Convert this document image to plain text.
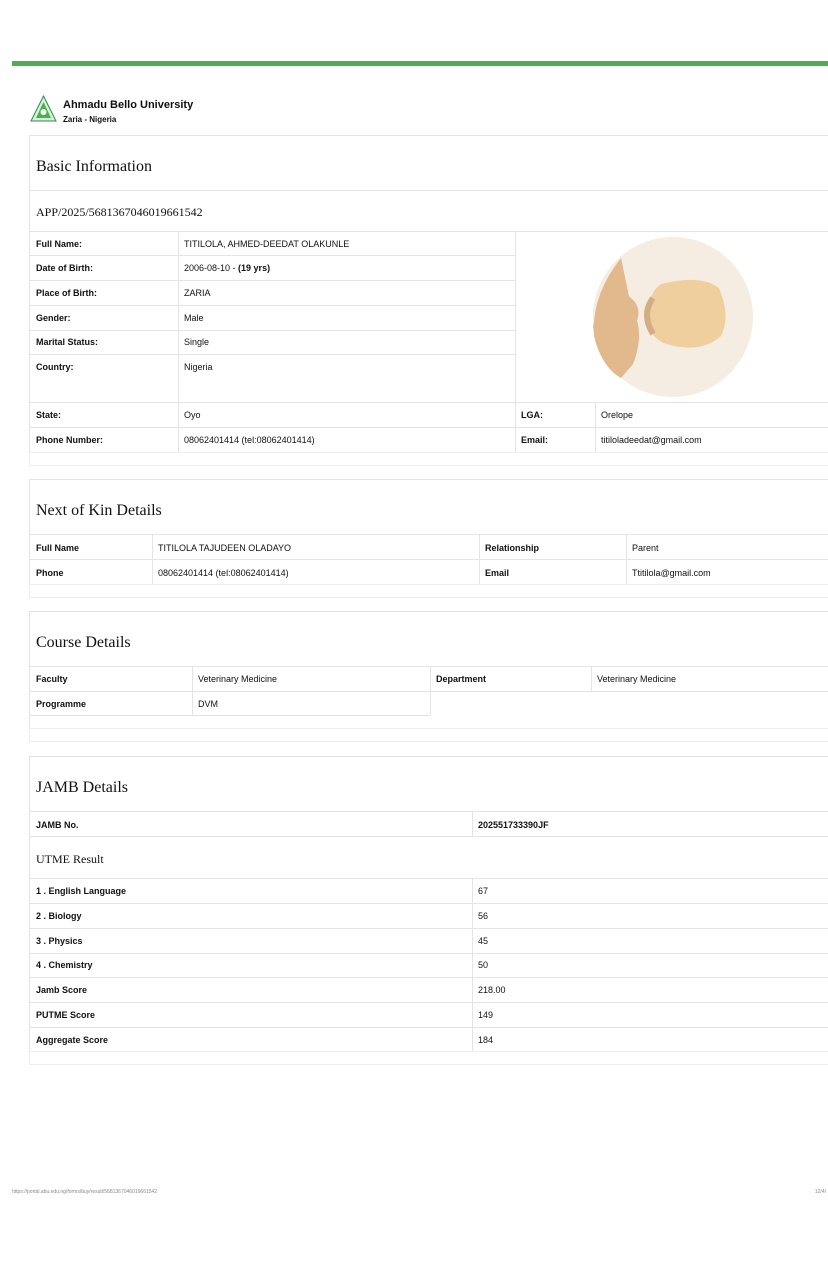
Ahmadu Bello University
Zaria - Nigeria
Basic Information
APP/2025/5681367046019661542
Full Name:	TITILOLA, AHMED-DEEDAT OLAKUNLE
Date of Birth:	2006-08-10 - (19 yrs)
Place of Birth:	ZARIA
Gender:	Male
Marital Status:	Single
Country:	Nigeria
State:	Oyo	LGA:	Orelope
Phone Number:	08062401414 (tel:08062401414)	Email:	titiloladeedat@gmail.com
Next of Kin Details
Full Name	TITILOLA TAJUDEEN OLADAYO	Relationship	Parent
Phone	08062401414 (tel:08062401414)	Email	Ttitilola@gmail.com
Course Details
Faculty	Veterinary Medicine	Department	Veterinary Medicine
Programme	DVM
JAMB Details
JAMB No.	202551733390JF
UTME Result
1 . English Language	67
2 . Biology	56
3 . Physics	45
4 . Chemistry	50
Jamb Score	218.00
PUTME Score	149
Aggregate Score	184
https://portal.abu.edu.ng/forms/buy/result/5681367046019661542	12/4/
